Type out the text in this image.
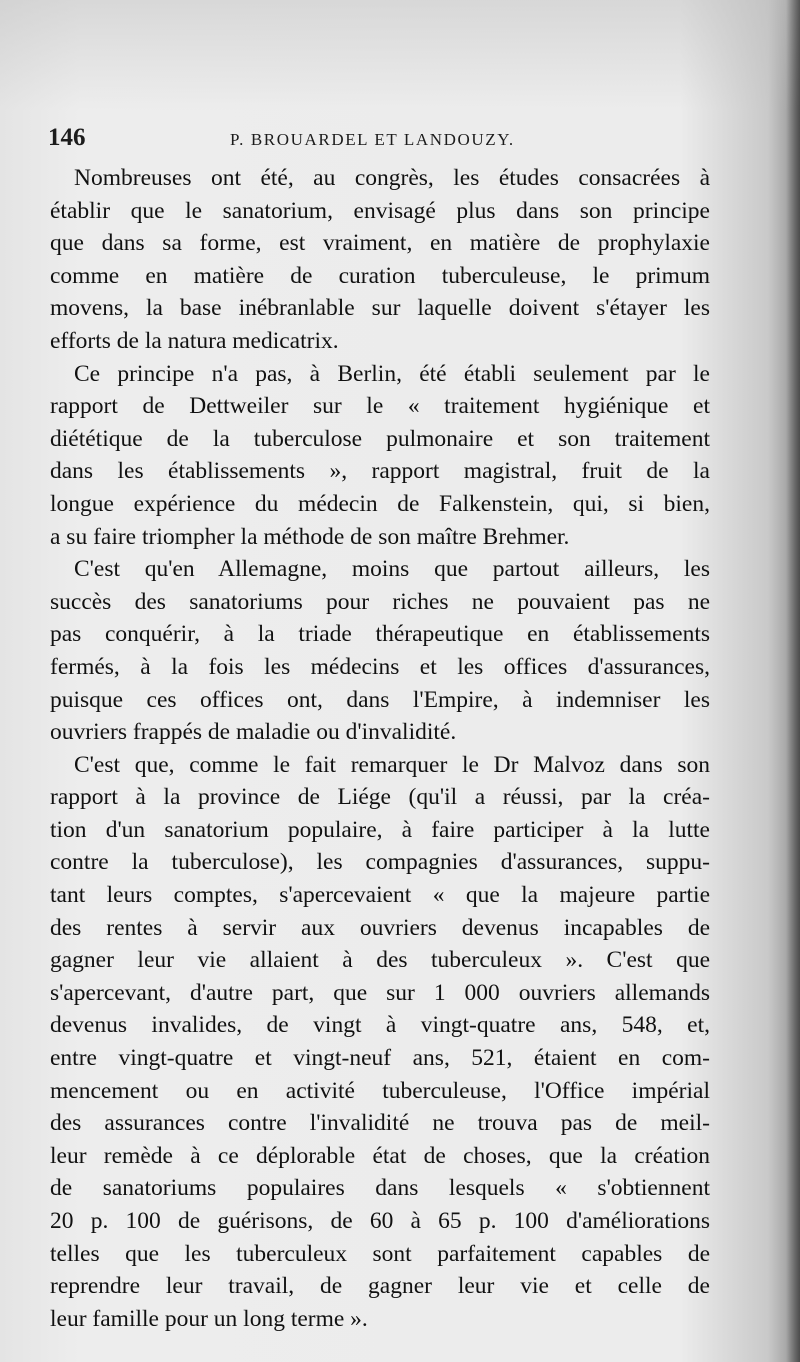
146	P. BROUARDEL ET LANDOUZY.
Nombreuses ont été, au congrès, les études consacrées à
établir que le sanatorium, envisagé plus dans son principe
que dans sa forme, est vraiment, en matière de prophylaxie
comme en matière de curation tuberculeuse, le primum
movens, la base inébranlable sur laquelle doivent s'étayer les
efforts de la natura medicatrix.
Ce principe n'a pas, à Berlin, été établi seulement par le
rapport de Dettweiler sur le « traitement hygiénique et
diététique de la tuberculose pulmonaire et son traitement
dans les établissements », rapport magistral, fruit de la
longue expérience du médecin de Falkenstein, qui, si bien,
a su faire triompher la méthode de son maître Brehmer.
C'est qu'en Allemagne, moins que partout ailleurs, les
succès des sanatoriums pour riches ne pouvaient pas ne
pas conquérir, à la triade thérapeutique en établissements
fermés, à la fois les médecins et les offices d'assurances,
puisque ces offices ont, dans l'Empire, à indemniser les
ouvriers frappés de maladie ou d'invalidité.
C'est que, comme le fait remarquer le Dr Malvoz dans son
rapport à la province de Liége (qu'il a réussi, par la créa-
tion d'un sanatorium populaire, à faire participer à la lutte
contre la tuberculose), les compagnies d'assurances, suppu-
tant leurs comptes, s'apercevaient « que la majeure partie
des rentes à servir aux ouvriers devenus incapables de
gagner leur vie allaient à des tuberculeux ». C'est que
s'apercevant, d'autre part, que sur 1 000 ouvriers allemands
devenus invalides, de vingt à vingt-quatre ans, 548, et,
entre vingt-quatre et vingt-neuf ans, 521, étaient en com-
mencement ou en activité tuberculeuse, l'Office impérial
des assurances contre l'invalidité ne trouva pas de meil-
leur remède à ce déplorable état de choses, que la création
de sanatoriums populaires dans lesquels « s'obtiennent
20 p. 100 de guérisons, de 60 à 65 p. 100 d'améliorations
telles que les tuberculeux sont parfaitement capables de
reprendre leur travail, de gagner leur vie et celle de
leur famille pour un long terme ».
